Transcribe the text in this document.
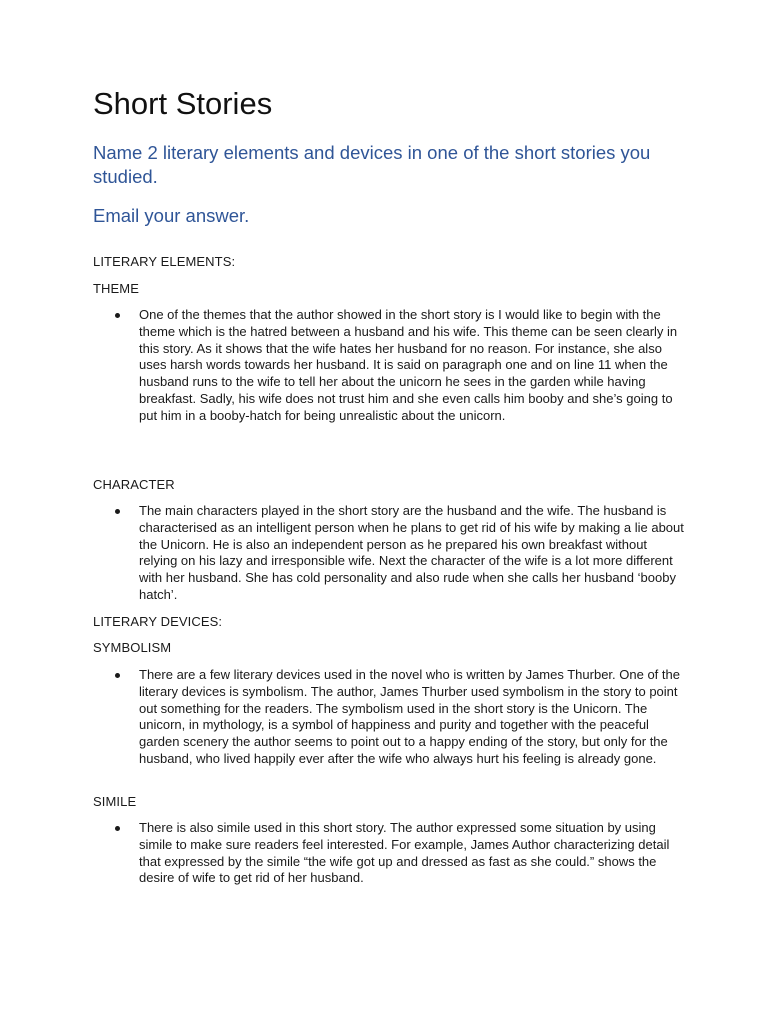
Short Stories
Name 2 literary elements and devices in one of the short stories you studied.
Email your answer.

LITERARY ELEMENTS:

THEME

One of the themes that the author showed in the short story is I would like to begin with the theme which is the hatred between a husband and his wife. This theme can be seen clearly in this story. As it shows that the wife hates her husband for no reason. For instance, she also uses harsh words towards her husband. It is said on paragraph one and on line 11 when the husband runs to the wife to tell her about the unicorn he sees in the garden while having breakfast. Sadly, his wife does not trust him and she even calls him booby and she’s going to put him in a booby-hatch for being unrealistic about the unicorn.

CHARACTER

The main characters played in the short story are the husband and the wife. The husband is characterised as an intelligent person when he plans to get rid of his wife by making a lie about the Unicorn. He is also an independent person as he prepared his own breakfast without relying on his lazy and irresponsible wife. Next the character of the wife is a lot more different with her husband. She has cold personality and also rude when she calls her husband ‘booby hatch’.

LITERARY DEVICES:

SYMBOLISM

There are a few literary devices used in the novel who is written by James Thurber. One of the literary devices is symbolism. The author, James Thurber used symbolism in the story to point out something for the readers. The symbolism used in the short story is the Unicorn. The unicorn, in mythology, is a symbol of happiness and purity and together with the peaceful garden scenery the author seems to point out to a happy ending of the story, but only for the husband, who lived happily ever after the wife who always hurt his feeling is already gone.

SIMILE

There is also simile used in this short story. The author expressed some situation by using simile to make sure readers feel interested. For example, James Author characterizing detail that expressed by the simile “the wife got up and dressed as fast as she could.” shows the desire of wife to get rid of her husband.
